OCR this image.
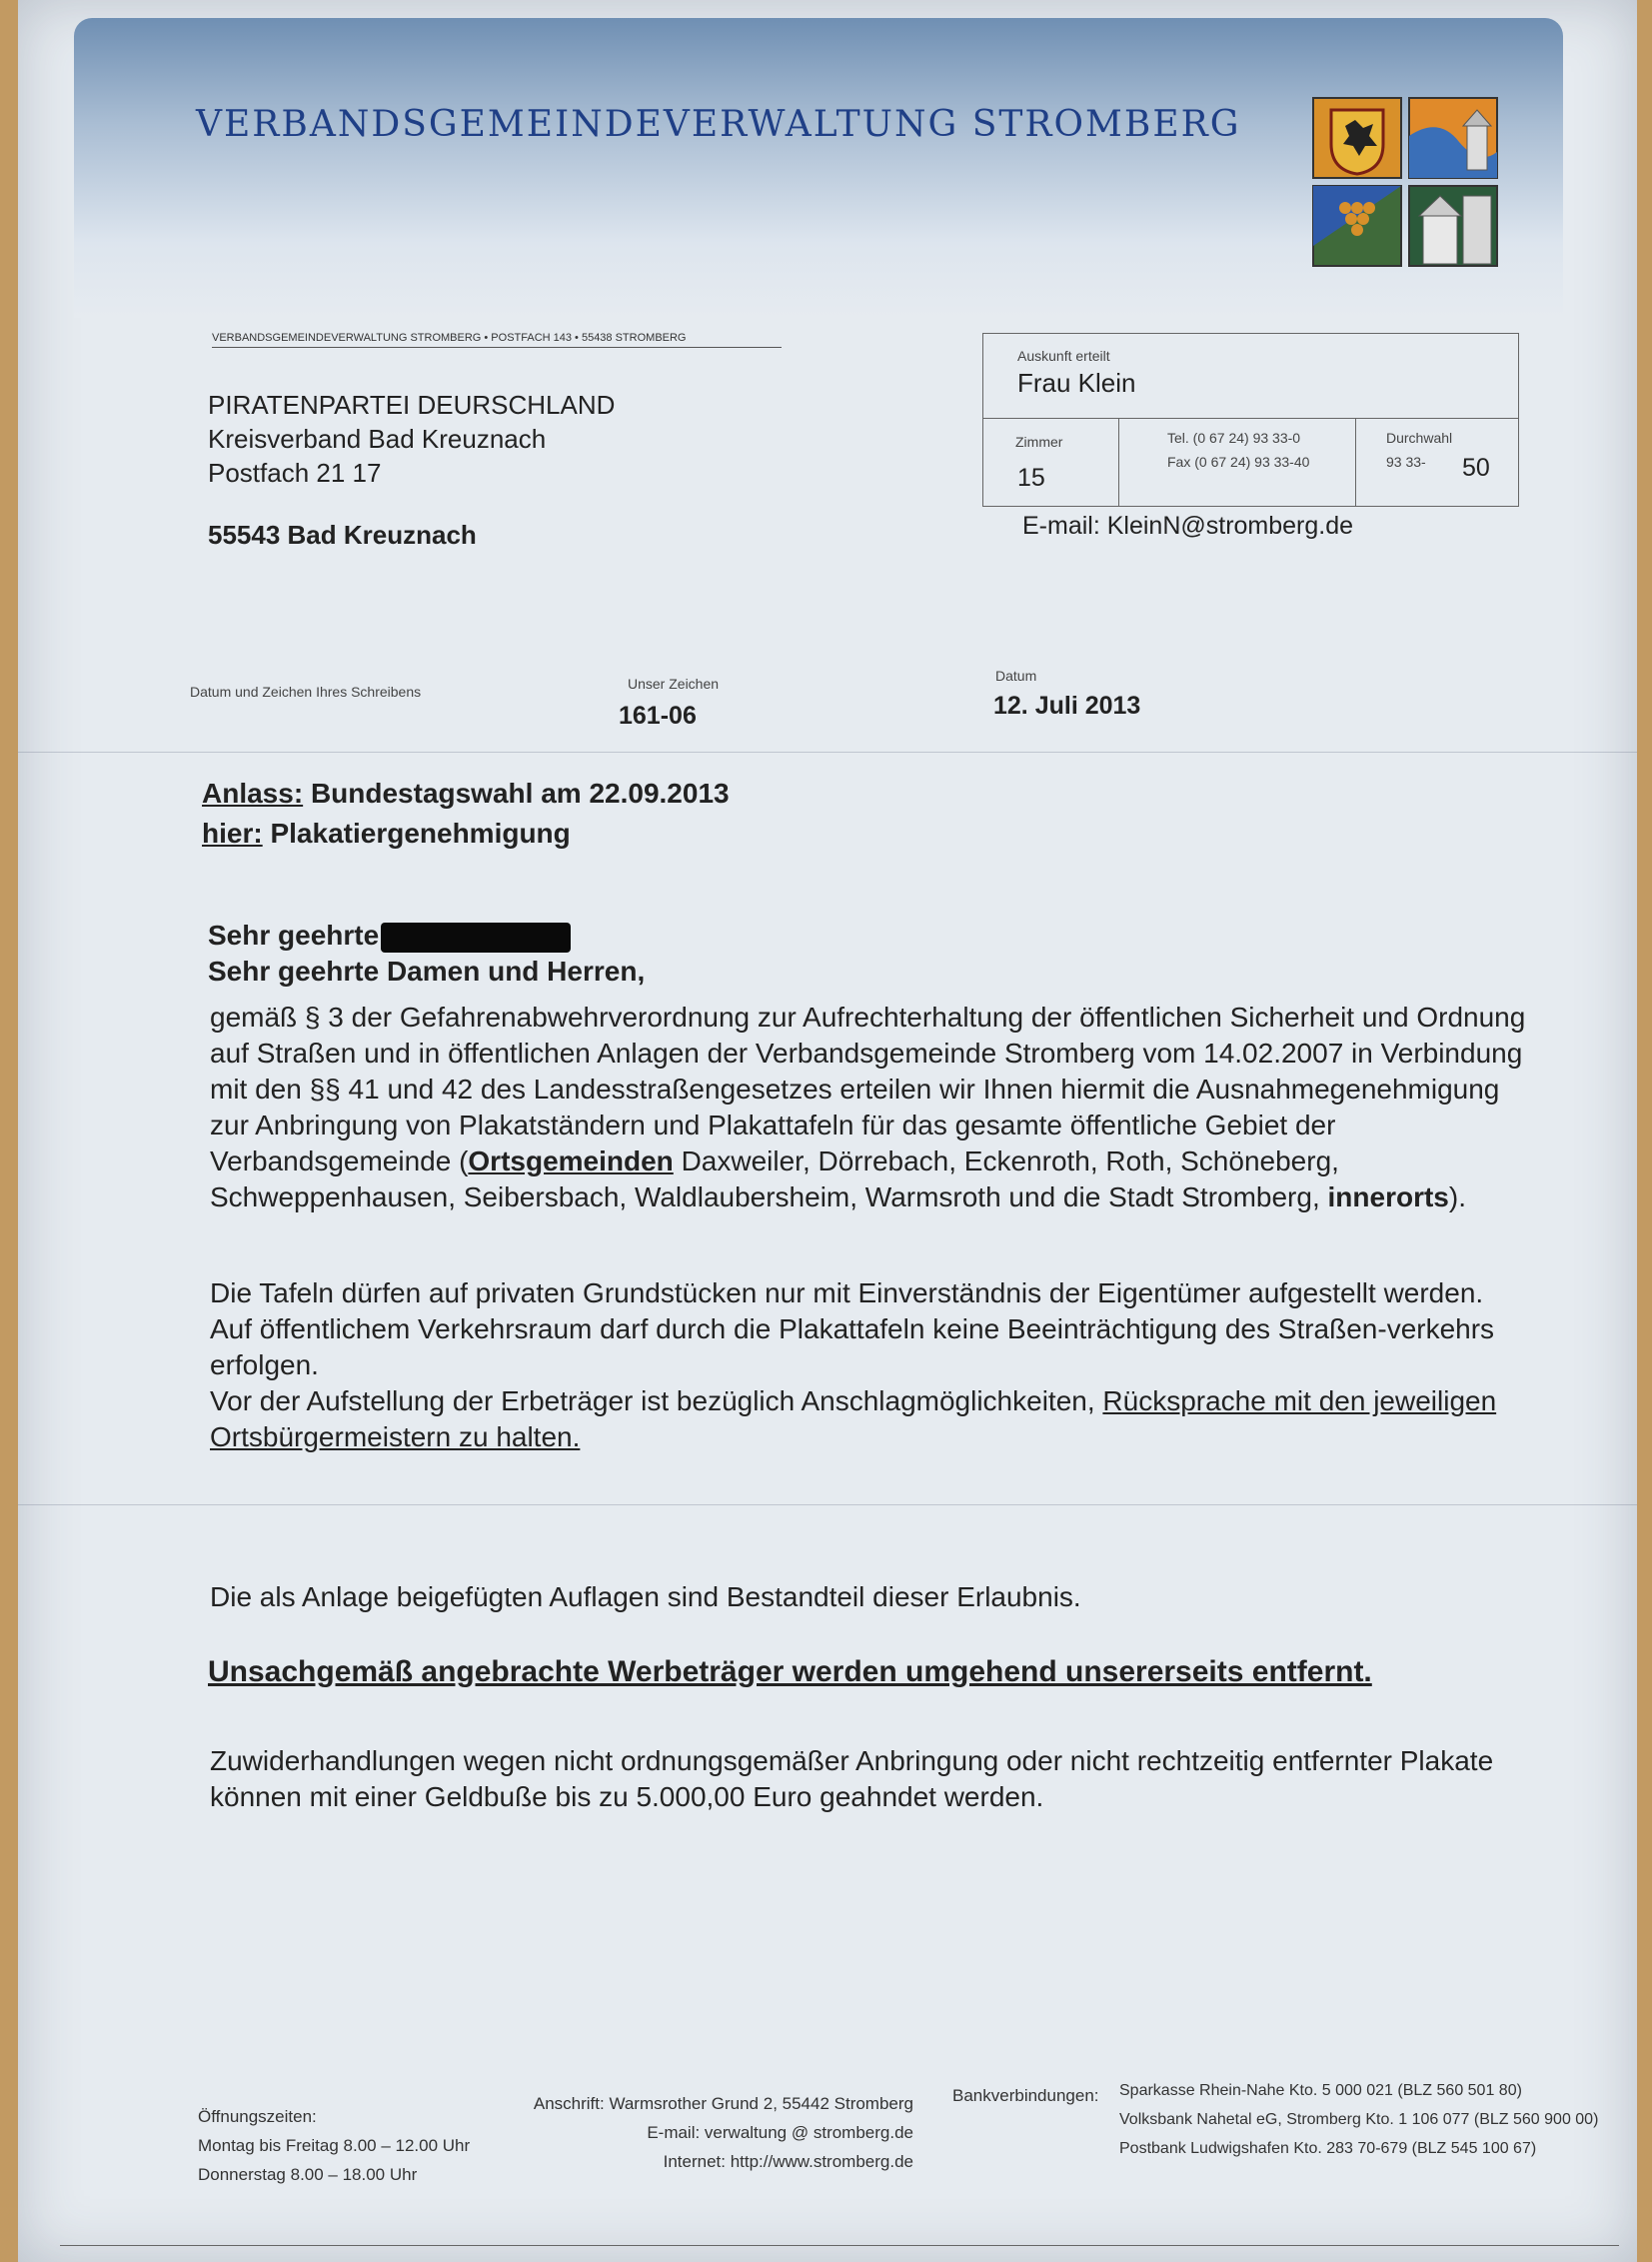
VERBANDSGEMEINDEVERWALTUNG STROMBERG
VERBANDSGEMEINDEVERWALTUNG STROMBERG • POSTFACH 143 • 55438 STROMBERG
PIRATENPARTEI DEURSCHLAND
Kreisverband Bad Kreuznach
Postfach 21 17
55543 Bad Kreuznach
Auskunft erteilt
Frau Klein
Zimmer
15
Tel. (0 67 24) 93 33-0
Fax (0 67 24) 93 33-40
Durchwahl
93 33- 50
E-mail: KleinN@stromberg.de
Datum und Zeichen Ihres Schreibens	Unser Zeichen
161-06
Datum
12. Juli 2013
Anlass: Bundestagswahl am 22.09.2013
hier: Plakatiergenehmigung
Sehr geehrte
Sehr geehrte Damen und Herren,
gemäß § 3 der Gefahrenabwehrverordnung zur Aufrechterhaltung der öffentlichen Sicherheit und Ordnung auf Straßen und in öffentlichen Anlagen der Verbandsgemeinde Stromberg vom 14.02.2007 in Verbindung mit den §§ 41 und 42 des Landesstraßengesetzes erteilen wir Ihnen hiermit die Ausnahmegenehmigung zur Anbringung von Plakatständern und Plakattafeln für das gesamte öffentliche Gebiet der Verbandsgemeinde (Ortsgemeinden Daxweiler, Dörrebach, Eckenroth, Roth, Schöneberg, Schweppenhausen, Seibersbach, Waldlaubersheim, Warmsroth und die Stadt Stromberg, innerorts).
Die Tafeln dürfen auf privaten Grundstücken nur mit Einverständnis der Eigentümer aufgestellt werden.
Auf öffentlichem Verkehrsraum darf durch die Plakattafeln keine Beeinträchtigung des Straßen-verkehrs erfolgen.
Vor der Aufstellung der Erbeträger ist bezüglich Anschlagmöglichkeiten, Rücksprache mit den jeweiligen Ortsbürgermeistern zu halten.
Die als Anlage beigefügten Auflagen sind Bestandteil dieser Erlaubnis.
Unsachgemäß angebrachte Werbeträger werden umgehend unsererseits entfernt.
Zuwiderhandlungen wegen nicht ordnungsgemäßer Anbringung oder nicht rechtzeitig entfernter Plakate können mit einer Geldbuße bis zu 5.000,00 Euro geahndet werden.
Öffnungszeiten:
Montag bis Freitag 8.00 – 12.00 Uhr
Donnerstag 8.00 – 18.00 Uhr
Anschrift: Warmsrother Grund 2, 55442 Stromberg
E-mail: verwaltung @ stromberg.de
Internet: http://www.stromberg.de
Bankverbindungen: Sparkasse Rhein-Nahe Kto. 5 000 021 (BLZ 560 501 80)
Volksbank Nahetal eG, Stromberg Kto. 1 106 077 (BLZ 560 900 00)
Postbank Ludwigshafen Kto. 283 70-679 (BLZ 545 100 67)
